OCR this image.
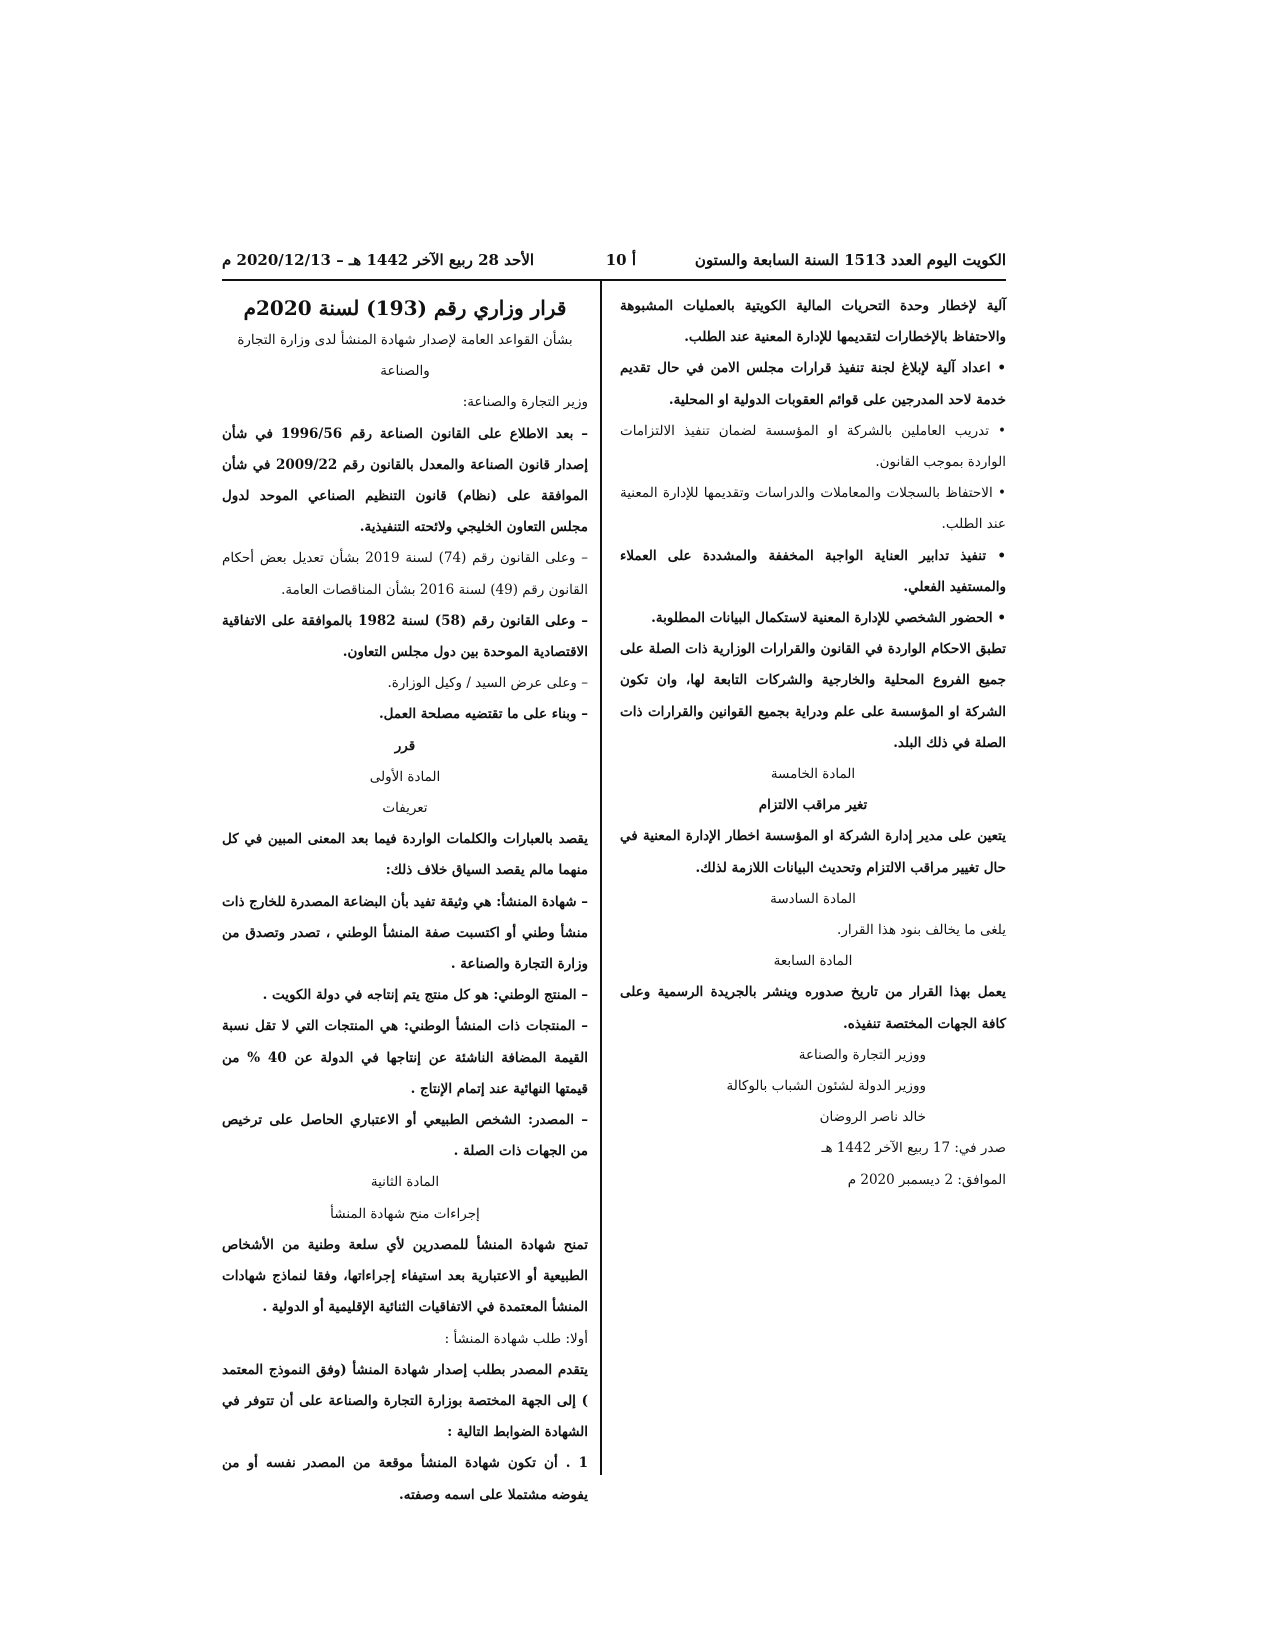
الكويت اليوم العدد 1513 السنة السابعة والستون
أ 10
الأحد 28 ربيع الآخر 1442 هـ – 2020/12/13 م

آلية لإخطار وحدة التحريات المالية الكويتية بالعمليات المشبوهة والاحتفاظ بالإخطارات لتقديمها للإدارة المعنية عند الطلب.

• اعداد آلية لإبلاغ لجنة تنفيذ قرارات مجلس الامن في حال تقديم خدمة لاحد المدرجين على قوائم العقوبات الدولية او المحلية.

• تدريب العاملين بالشركة او المؤسسة لضمان تنفيذ الالتزامات الواردة بموجب القانون.

• الاحتفاظ بالسجلات والمعاملات والدراسات وتقديمها للإدارة المعنية عند الطلب.

• تنفيذ تدابير العناية الواجبة المخففة والمشددة على العملاء والمستفيد الفعلي.

• الحضور الشخصي للإدارة المعنية لاستكمال البيانات المطلوبة.

تطبق الاحكام الواردة في القانون والقرارات الوزارية ذات الصلة على جميع الفروع المحلية والخارجية والشركات التابعة لها، وان تكون الشركة او المؤسسة على علم ودراية بجميع القوانين والقرارات ذات الصلة في ذلك البلد.

المادة الخامسة

تغير مراقب الالتزام

يتعين على مدير إدارة الشركة او المؤسسة اخطار الإدارة المعنية في حال تغيير مراقب الالتزام وتحديث البيانات اللازمة لذلك.

المادة السادسة

يلغى ما يخالف بنود هذا القرار.

المادة السابعة

يعمل بهذا القرار من تاريخ صدوره وينشر بالجريدة الرسمية وعلى كافة الجهات المختصة تنفيذه.

ووزير التجارة والصناعة

ووزير الدولة لشئون الشباب بالوكالة

خالد ناصر الروضان

صدر في: 17 ربيع الآخر 1442 هـ

الموافق: 2 ديسمبر 2020 م

قرار وزاري رقم (193) لسنة 2020م

بشأن القواعد العامة لإصدار شهادة المنشأ لدى وزارة التجارة والصناعة

وزير التجارة والصناعة:

– بعد الاطلاع على القانون الصناعة رقم 1996/56 في شأن إصدار قانون الصناعة والمعدل بالقانون رقم 2009/22 في شأن الموافقة على (نظام) قانون التنظيم الصناعي الموحد لدول مجلس التعاون الخليجي ولائحته التنفيذية.

– وعلى القانون رقم (74) لسنة 2019 بشأن تعديل بعض أحكام القانون رقم (49) لسنة 2016 بشأن المناقصات العامة.

– وعلى القانون رقم (58) لسنة 1982 بالموافقة على الاتفاقية الاقتصادية الموحدة بين دول مجلس التعاون.

– وعلى عرض السيد / وكيل الوزارة.

– وبناء على ما تقتضيه مصلحة العمل.

قرر

المادة الأولى

تعريفات

يقصد بالعبارات والكلمات الواردة فيما بعد المعنى المبين في كل منهما مالم يقصد السياق خلاف ذلك:

– شهادة المنشأ: هي وثيقة تفيد بأن البضاعة المصدرة للخارج ذات منشأ وطني أو اكتسبت صفة المنشأ الوطني ، تصدر وتصدق من وزارة التجارة والصناعة .

– المنتج الوطني: هو كل منتج يتم إنتاجه في دولة الكويت .

– المنتجات ذات المنشأ الوطني: هي المنتجات التي لا تقل نسبة القيمة المضافة الناشئة عن إنتاجها في الدولة عن 40 % من قيمتها النهائية عند إتمام الإنتاج .

– المصدر: الشخص الطبيعي أو الاعتباري الحاصل على ترخيص من الجهات ذات الصلة .

المادة الثانية

إجراءات منح شهادة المنشأ

تمنح شهادة المنشأ للمصدرين لأي سلعة وطنية من الأشخاص الطبيعية أو الاعتبارية بعد استيفاء إجراءاتها، وفقا لنماذج شهادات المنشأ المعتمدة في الاتفاقيات الثنائية الإقليمية أو الدولية .

أولا: طلب شهادة المنشأ :

يتقدم المصدر بطلب إصدار شهادة المنشأ (وفق النموذج المعتمد ) إلى الجهة المختصة بوزارة التجارة والصناعة على أن تتوفر في الشهادة الضوابط التالية :

1 . أن تكون شهادة المنشأ موقعة من المصدر نفسه أو من يفوضه مشتملا على اسمه وصفته.
